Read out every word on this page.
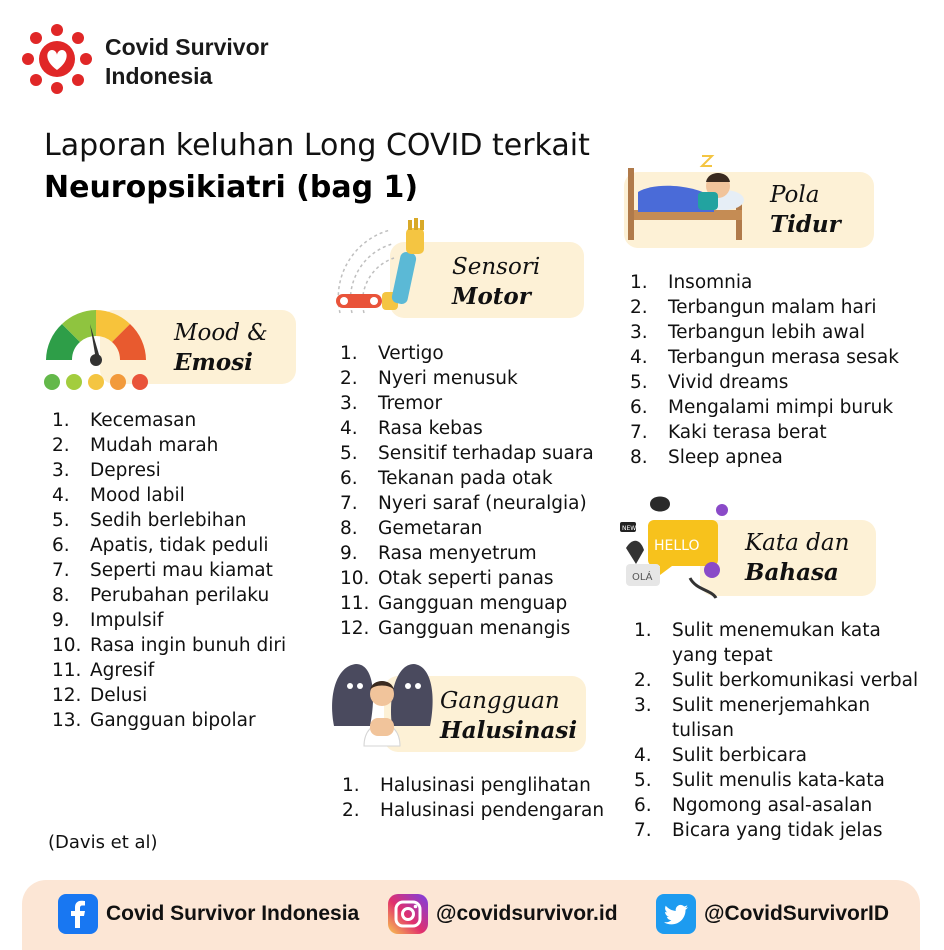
Covid Survivor
Indonesia
Laporan keluhan Long COVID terkait
Neuropsikiatri (bag 1)
Mood &
Emosi
1. Kecemasan
2. Mudah marah
3. Depresi
4. Mood labil
5. Sedih berlebihan
6. Apatis, tidak peduli
7. Seperti mau kiamat
8. Perubahan perilaku
9. Impulsif
10. Rasa ingin bunuh diri
11. Agresif
12. Delusi
13. Gangguan bipolar
Sensori
Motor
1. Vertigo
2. Nyeri menusuk
3. Tremor
4. Rasa kebas
5. Sensitif terhadap suara
6. Tekanan pada otak
7. Nyeri saraf (neuralgia)
8. Gemetaran
9. Rasa menyetrum
10. Otak seperti panas
11. Gangguan menguap
12. Gangguan menangis
Gangguan
Halusinasi
1. Halusinasi penglihatan
2. Halusinasi pendengaran
Pola
Tidur
1. Insomnia
2. Terbangun malam hari
3. Terbangun lebih awal
4. Terbangun merasa sesak
5. Vivid dreams
6. Mengalami mimpi buruk
7. Kaki terasa berat
8. Sleep apnea
NEW
HELLO
OLÁ
Kata dan
Bahasa
1. Sulit menemukan kata
yang tepat
2. Sulit berkomunikasi verbal
3. Sulit menerjemahkan
tulisan
4. Sulit berbicara
5. Sulit menulis kata-kata
6. Ngomong asal-asalan
7. Bicara yang tidak jelas
(Davis et al)
Covid Survivor Indonesia	@covidsurvivor.id	@CovidSurvivorID
